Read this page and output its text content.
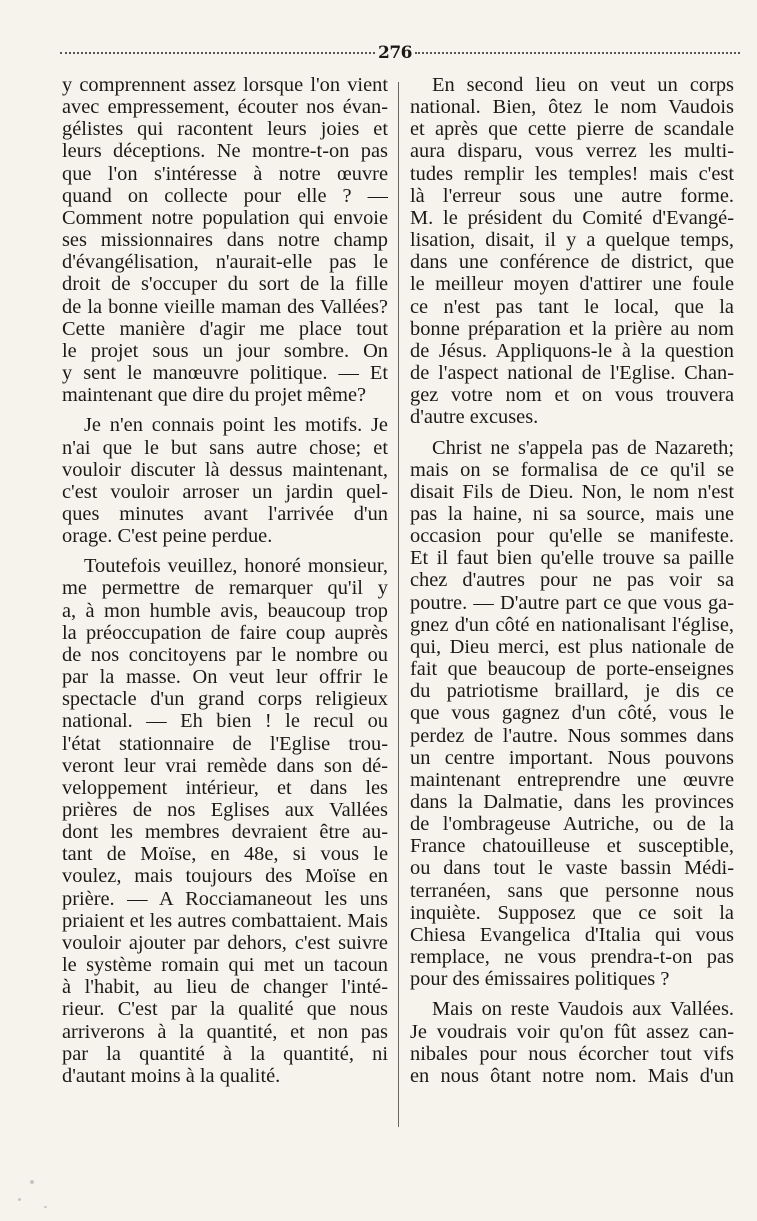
276
y comprennent assez lorsque l'on vient
avec empressement, écouter nos évan-
gélistes qui racontent leurs joies et
leurs déceptions. Ne montre-t-on pas
que l'on s'intéresse à notre œuvre
quand on collecte pour elle ? —
Comment notre population qui envoie
ses missionnaires dans notre champ
d'évangélisation, n'aurait-elle pas le
droit de s'occuper du sort de la fille
de la bonne vieille maman des Vallées?
Cette manière d'agir me place tout
le projet sous un jour sombre. On
y sent le manœuvre politique. — Et
maintenant que dire du projet même?
Je n'en connais point les motifs. Je
n'ai que le but sans autre chose; et
vouloir discuter là dessus maintenant,
c'est vouloir arroser un jardin quel-
ques minutes avant l'arrivée d'un
orage. C'est peine perdue.
Toutefois veuillez, honoré monsieur,
me permettre de remarquer qu'il y
a, à mon humble avis, beaucoup trop
la préoccupation de faire coup auprès
de nos concitoyens par le nombre ou
par la masse. On veut leur offrir le
spectacle d'un grand corps religieux
national. — Eh bien ! le recul ou
l'état stationnaire de l'Eglise trou-
veront leur vrai remède dans son dé-
veloppement intérieur, et dans les
prières de nos Eglises aux Vallées
dont les membres devraient être au-
tant de Moïse, en 48e, si vous le
voulez, mais toujours des Moïse en
prière. — A Rocciamaneout les uns
priaient et les autres combattaient. Mais
vouloir ajouter par dehors, c'est suivre
le système romain qui met un tacoun
à l'habit, au lieu de changer l'inté-
rieur. C'est par la qualité que nous
arriverons à la quantité, et non pas
par la quantité à la quantité, ni
d'autant moins à la qualité.
En second lieu on veut un corps
national. Bien, ôtez le nom Vaudois
et après que cette pierre de scandale
aura disparu, vous verrez les multi-
tudes remplir les temples! mais c'est
là l'erreur sous une autre forme.
M. le président du Comité d'Evangé-
lisation, disait, il y a quelque temps,
dans une conférence de district, que
le meilleur moyen d'attirer une foule
ce n'est pas tant le local, que la
bonne préparation et la prière au nom
de Jésus. Appliquons-le à la question
de l'aspect national de l'Eglise. Chan-
gez votre nom et on vous trouvera
d'autre excuses.
Christ ne s'appela pas de Nazareth;
mais on se formalisa de ce qu'il se
disait Fils de Dieu. Non, le nom n'est
pas la haine, ni sa source, mais une
occasion pour qu'elle se manifeste.
Et il faut bien qu'elle trouve sa paille
chez d'autres pour ne pas voir sa
poutre. — D'autre part ce que vous ga-
gnez d'un côté en nationalisant l'église,
qui, Dieu merci, est plus nationale de
fait que beaucoup de porte-enseignes
du patriotisme braillard, je dis ce
que vous gagnez d'un côté, vous le
perdez de l'autre. Nous sommes dans
un centre important. Nous pouvons
maintenant entreprendre une œuvre
dans la Dalmatie, dans les provinces
de l'ombrageuse Autriche, ou de la
France chatouilleuse et susceptible,
ou dans tout le vaste bassin Médi-
terranéen, sans que personne nous
inquiète. Supposez que ce soit la
Chiesa Evangelica d'Italia qui vous
remplace, ne vous prendra-t-on pas
pour des émissaires politiques ?
Mais on reste Vaudois aux Vallées.
Je voudrais voir qu'on fût assez can-
nibales pour nous écorcher tout vifs
en nous ôtant notre nom. Mais d'un
